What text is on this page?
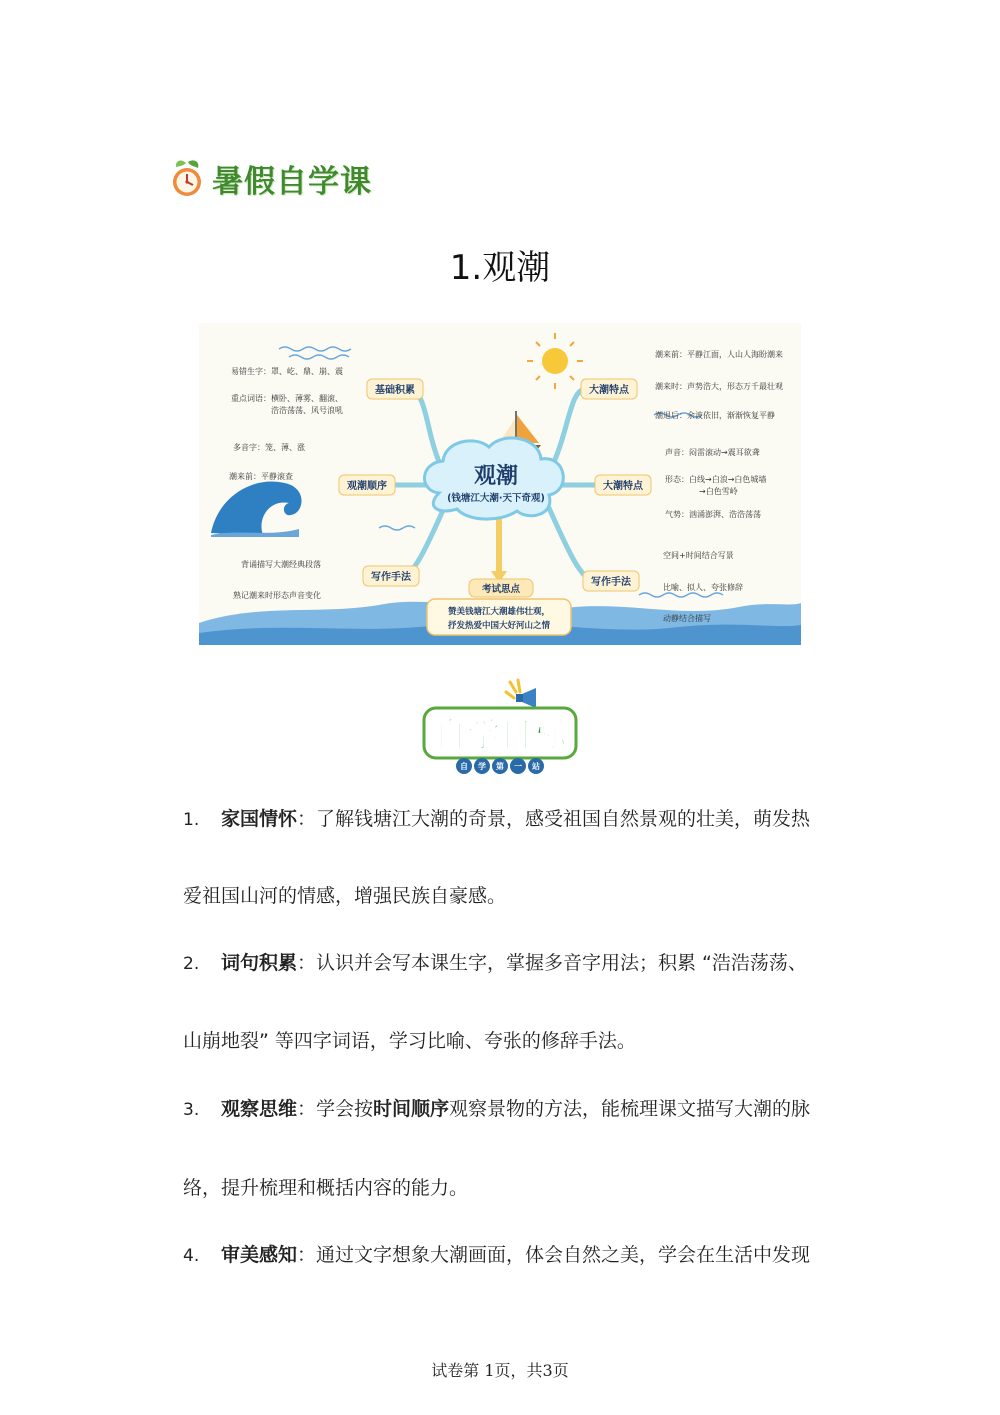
暑假自学课
1.观潮
观潮
(钱塘江大潮·天下奇观)
基础积累
观潮顺序
写作手法
易错生字：罩、屹、鼎、崩、震
重点词语：横卧、薄雾、翻滚、
浩浩荡荡、风号浪吼
多音字：笼、薄、涨
潮来前：平静滚查
背诵描写大潮经典段落
熟记潮来时形态声音变化
大潮特点
大潮特点
写作手法
潮来前：平静江面，人山人海盼潮来
潮来时：声势浩大，形态万千最壮观
潮退后：余波依旧，渐渐恢复平静
声音：闷雷滚动→震耳欲聋
形态：白线→白浪→白色城墙
→白色雪岭
气势：汹涌澎湃、浩浩荡荡
空间+时间结合写景
比喻、拟人、夸张修辞
动静结合描写
考试思点
赞美钱塘江大潮雄伟壮观，
抒发热爱中国大好河山之情
自学目标
自 学 第 一 站
1. 家国情怀：了解钱塘江大潮的奇景，感受祖国自然景观的壮美，萌发热
爱祖国山河的情感，增强民族自豪感。
2. 词句积累：认识并会写本课生字，掌握多音字用法；积累 “浩浩荡荡、
山崩地裂” 等四字词语，学习比喻、夸张的修辞手法。
3. 观察思维：学会按时间顺序观察景物的方法，能梳理课文描写大潮的脉
络，提升梳理和概括内容的能力。
4. 审美感知：通过文字想象大潮画面，体会自然之美，学会在生活中发现
试卷第 1页，共3页
